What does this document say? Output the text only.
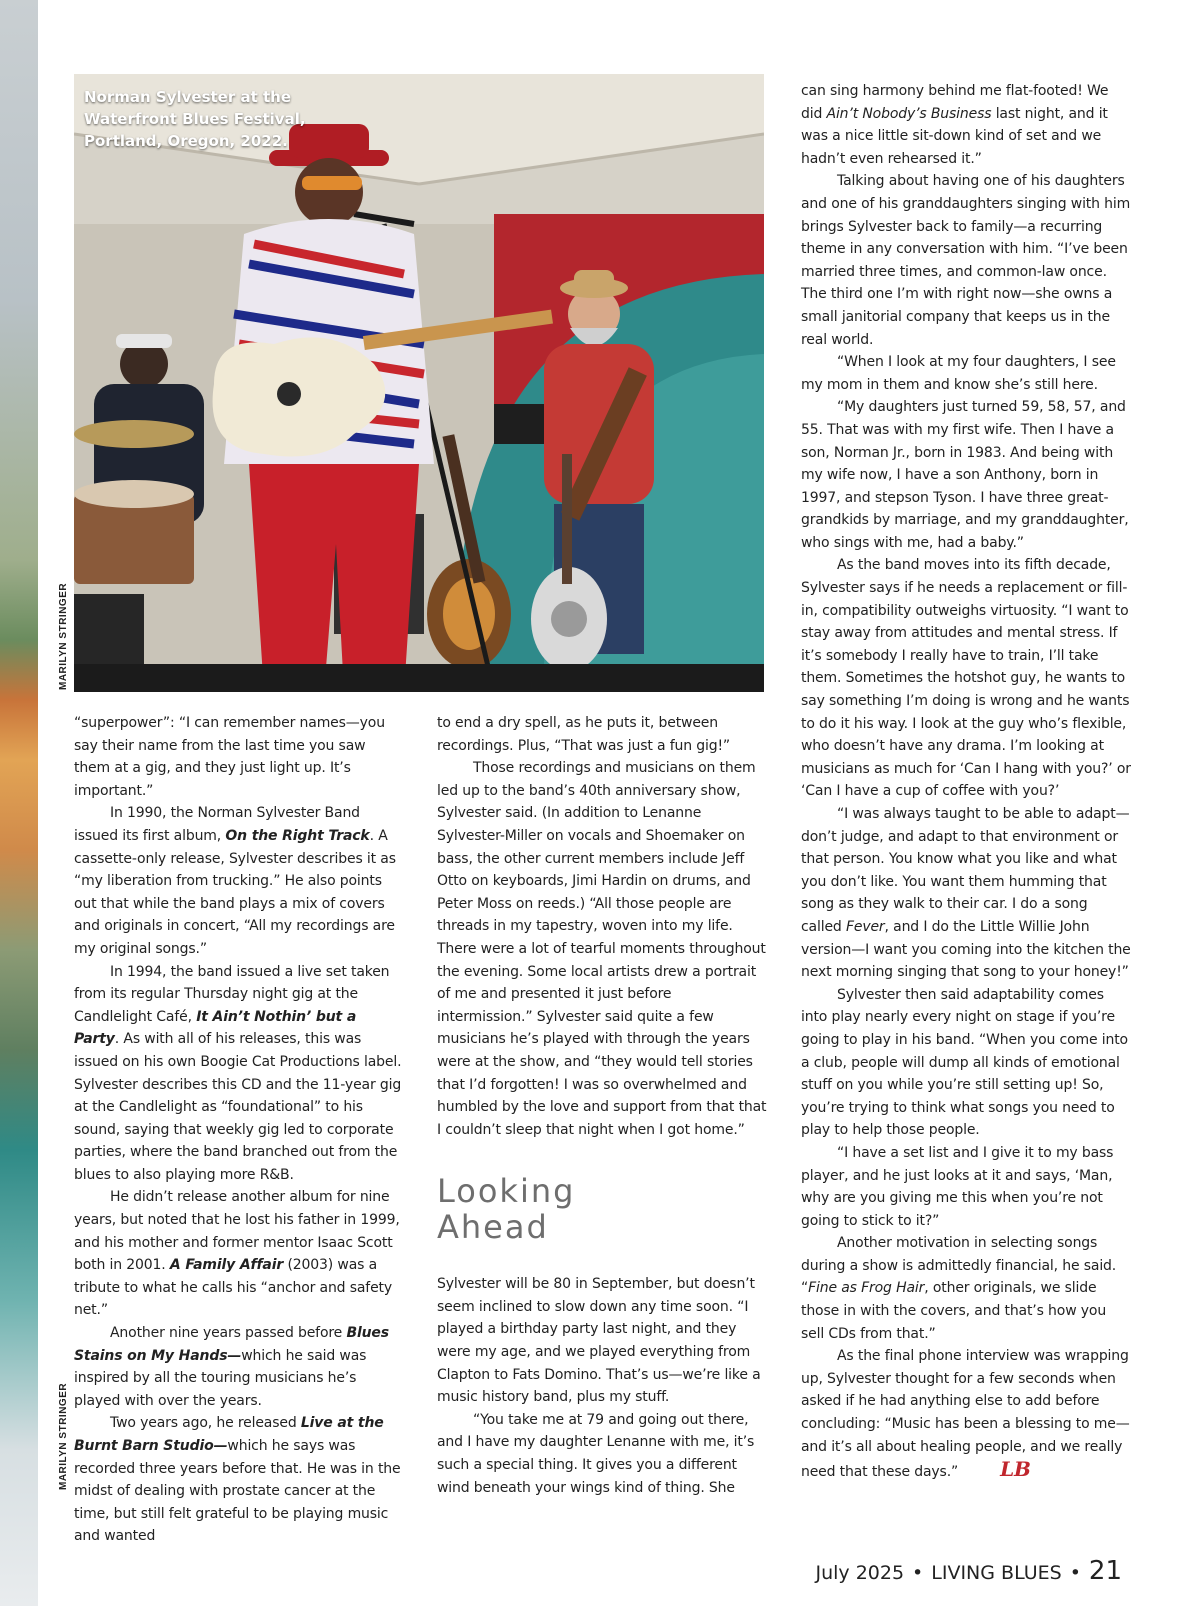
MARILYN STRINGER
MARILYN STRINGER
Norman Sylvester at the Waterfront Blues Festival, Portland, Oregon, 2022.

“superpower”: “I can remember names—you say their name from the last time you saw them at a gig, and they just light up. It’s important.”

In 1990, the Norman Sylvester Band issued its first album, On the Right Track. A cassette-only release, Sylvester describes it as “my liberation from trucking.” He also points out that while the band plays a mix of covers and originals in concert, “All my recordings are my original songs.”

In 1994, the band issued a live set taken from its regular Thursday night gig at the Candlelight Café, It Ain’t Nothin’ but a Party. As with all of his releases, this was issued on his own Boogie Cat Productions label. Sylvester describes this CD and the 11-year gig at the Candlelight as “foundational” to his sound, saying that weekly gig led to corporate parties, where the band branched out from the blues to also playing more R&B.

He didn’t release another album for nine years, but noted that he lost his father in 1999, and his mother and former mentor Isaac Scott both in 2001. A Family Affair (2003) was a tribute to what he calls his “anchor and safety net.”

Another nine years passed before Blues Stains on My Hands—which he said was inspired by all the touring musicians he’s played with over the years.

Two years ago, he released Live at the Burnt Barn Studio—which he says was recorded three years before that. He was in the midst of dealing with prostate cancer at the time, but still felt grateful to be playing music and wanted

to end a dry spell, as he puts it, between recordings. Plus, “That was just a fun gig!”

Those recordings and musicians on them led up to the band’s 40th anniversary show, Sylvester said. (In addition to Lenanne Sylvester-Miller on vocals and Shoemaker on bass, the other current members include Jeff Otto on keyboards, Jimi Hardin on drums, and Peter Moss on reeds.) “All those people are threads in my tapestry, woven into my life. There were a lot of tearful moments throughout the evening. Some local artists drew a portrait of me and presented it just before intermission.” Sylvester said quite a few musicians he’s played with through the years were at the show, and “they would tell stories that I’d forgotten! I was so overwhelmed and humbled by the love and support from that that I couldn’t sleep that night when I got home.”

Looking
Ahead

Sylvester will be 80 in September, but doesn’t seem inclined to slow down any time soon. “I played a birthday party last night, and they were my age, and we played everything from Clapton to Fats Domino. That’s us—we’re like a music history band, plus my stuff.

“You take me at 79 and going out there, and I have my daughter Lenanne with me, it’s such a special thing. It gives you a different wind beneath your wings kind of thing. She

can sing harmony behind me flat-footed! We did Ain’t Nobody’s Business last night, and it was a nice little sit-down kind of set and we hadn’t even rehearsed it.”

Talking about having one of his daughters and one of his granddaughters singing with him brings Sylvester back to family—a recurring theme in any conversation with him. “I’ve been married three times, and common-law once. The third one I’m with right now—she owns a small janitorial company that keeps us in the real world.

“When I look at my four daughters, I see my mom in them and know she’s still here.

“My daughters just turned 59, 58, 57, and 55. That was with my first wife. Then I have a son, Norman Jr., born in 1983. And being with my wife now, I have a son Anthony, born in 1997, and stepson Tyson. I have three great-grandkids by marriage, and my granddaughter, who sings with me, had a baby.”

As the band moves into its fifth decade, Sylvester says if he needs a replacement or fill-in, compatibility outweighs virtuosity. “I want to stay away from attitudes and mental stress. If it’s somebody I really have to train, I’ll take them. Sometimes the hotshot guy, he wants to say something I’m doing is wrong and he wants to do it his way. I look at the guy who’s flexible, who doesn’t have any drama. I’m looking at musicians as much for ‘Can I hang with you?’ or ‘Can I have a cup of coffee with you?’

“I was always taught to be able to adapt—don’t judge, and adapt to that environment or that person. You know what you like and what you don’t like. You want them humming that song as they walk to their car. I do a song called Fever, and I do the Little Willie John version—I want you coming into the kitchen the next morning singing that song to your honey!”

Sylvester then said adaptability comes into play nearly every night on stage if you’re going to play in his band. “When you come into a club, people will dump all kinds of emotional stuff on you while you’re still setting up! So, you’re trying to think what songs you need to play to help those people.

“I have a set list and I give it to my bass player, and he just looks at it and says, ‘Man, why are you giving me this when you’re not going to stick to it?”

Another motivation in selecting songs during a show is admittedly financial, he said. “Fine as Frog Hair, other originals, we slide those in with the covers, and that’s how you sell CDs from that.”

As the final phone interview was wrapping up, Sylvester thought for a few seconds when asked if he had anything else to add before concluding: “Music has been a blessing to me—and it’s all about healing people, and we really need that these days.” LB

July 2025 • LIVING BLUES • 21
